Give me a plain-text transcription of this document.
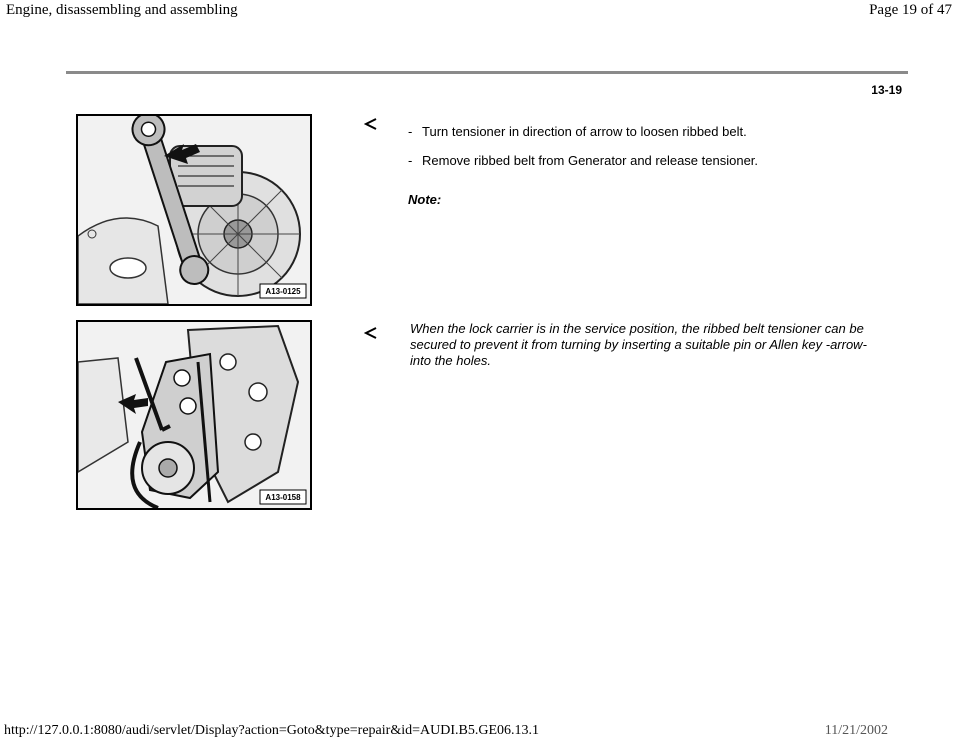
Engine, disassembling and assembling	Page 19 of 47
13-19
A13-0125
A13-0158
- Turn tensioner in direction of arrow to loosen ribbed belt.
- Remove ribbed belt from Generator and release tensioner.
Note:
When the lock carrier is in the service position, the ribbed belt tensioner can be secured to prevent it from turning by inserting a suitable pin or Allen key -arrow- into the holes.
http://127.0.0.1:8080/audi/servlet/Display?action=Goto&type=repair&id=AUDI.B5.GE06.13.1	11/21/2002
